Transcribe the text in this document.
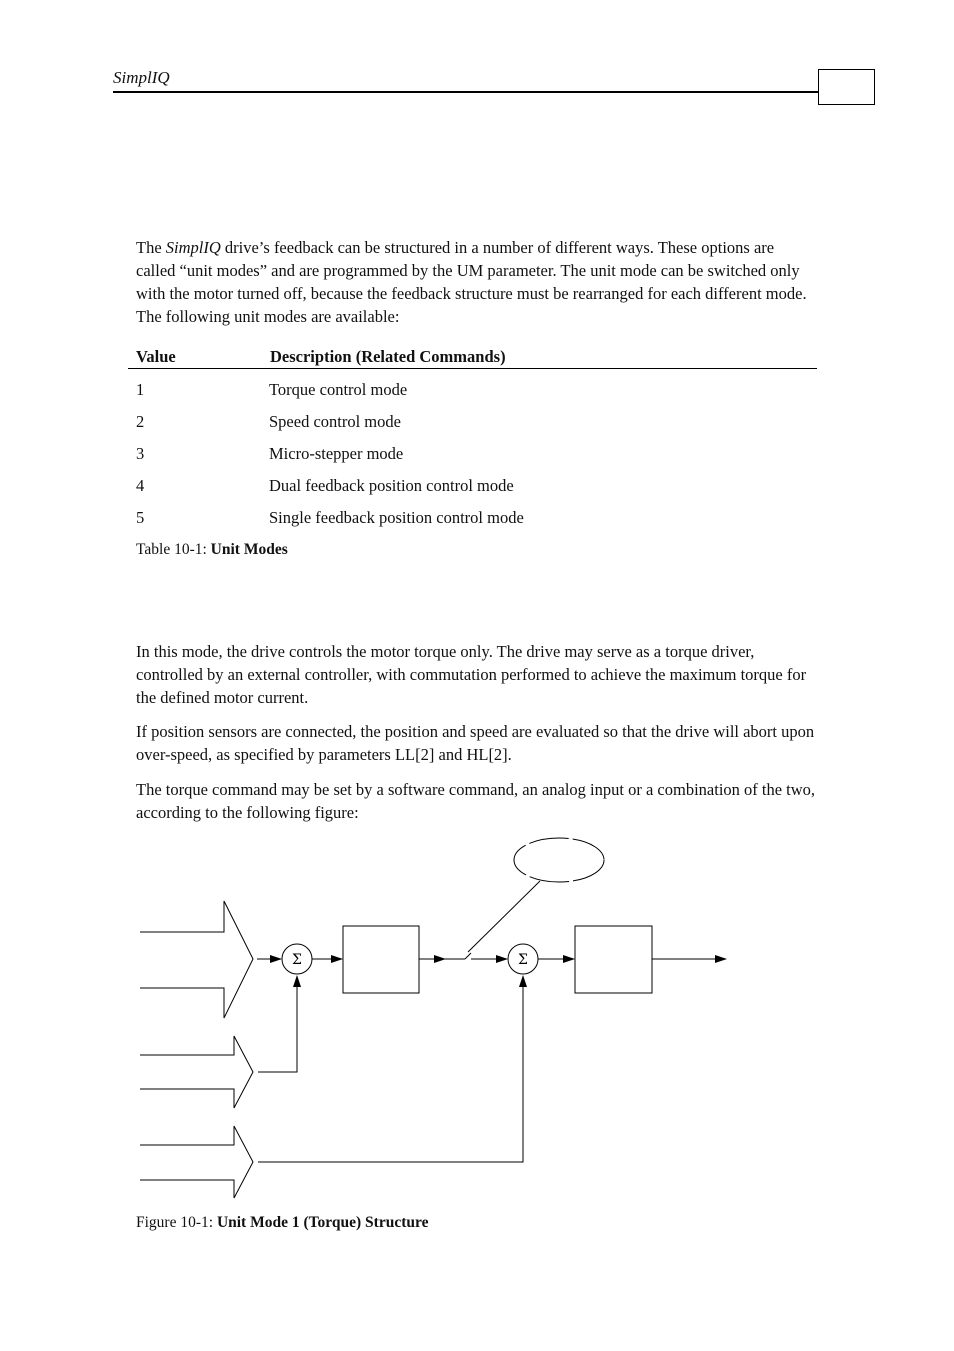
SimplIQ

The SimplIQ drive’s feedback can be structured in a number of different ways. These options are called “unit modes” and are programmed by the UM parameter. The unit mode can be switched only with the motor turned off, because the feedback structure must be rearranged for each different mode. The following unit modes are available:

Value	Description (Related Commands)
1	Torque control mode
2	Speed control mode
3	Micro-stepper mode
4	Dual feedback position control mode
5	Single feedback position control mode
Table 10-1: Unit Modes

In this mode, the drive controls the motor torque only. The drive may serve as a torque driver, controlled by an external controller, with commutation performed to achieve the maximum torque for the defined motor current.

If position sensors are connected, the position and speed are evaluated so that the drive will abort upon over-speed, as specified by parameters LL[2] and HL[2].

The torque command may be set by a software command, an analog input or a combination of the two, according to the following figure:

Σ	Σ
Figure 10-1: Unit Mode 1 (Torque) Structure
